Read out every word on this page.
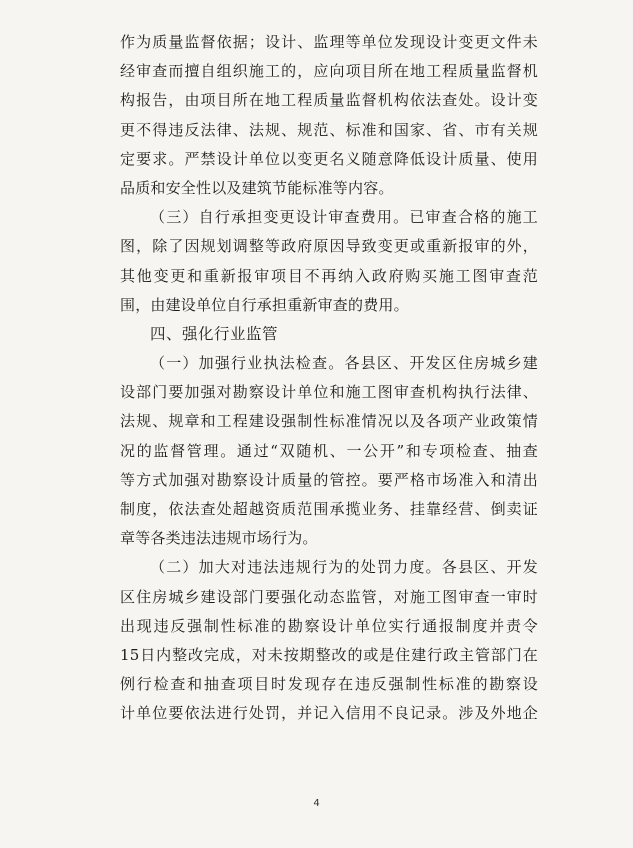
作为质量监督依据；设计、监理等单位发现设计变更文件未
经审查而擅自组织施工的，应向项目所在地工程质量监督机
构报告，由项目所在地工程质量监督机构依法查处。设计变
更不得违反法律、法规、规范、标准和国家、省、市有关规
定要求。严禁设计单位以变更名义随意降低设计质量、使用
品质和安全性以及建筑节能标准等内容。
（三）自行承担变更设计审查费用。已审查合格的施工
图，除了因规划调整等政府原因导致变更或重新报审的外，
其他变更和重新报审项目不再纳入政府购买施工图审查范
围，由建设单位自行承担重新审查的费用。
四、强化行业监管
（一）加强行业执法检查。各县区、开发区住房城乡建
设部门要加强对勘察设计单位和施工图审查机构执行法律、
法规、规章和工程建设强制性标准情况以及各项产业政策情
况的监督管理。通过“双随机、一公开”和专项检查、抽查
等方式加强对勘察设计质量的管控。要严格市场准入和清出
制度，依法查处超越资质范围承揽业务、挂靠经营、倒卖证
章等各类违法违规市场行为。
（二）加大对违法违规行为的处罚力度。各县区、开发
区住房城乡建设部门要强化动态监管，对施工图审查一审时
出现违反强制性标准的勘察设计单位实行通报制度并责令
15日内整改完成，对未按期整改的或是住建行政主管部门在
例行检查和抽查项目时发现存在违反强制性标准的勘察设
计单位要依法进行处罚，并记入信用不良记录。涉及外地企
4
